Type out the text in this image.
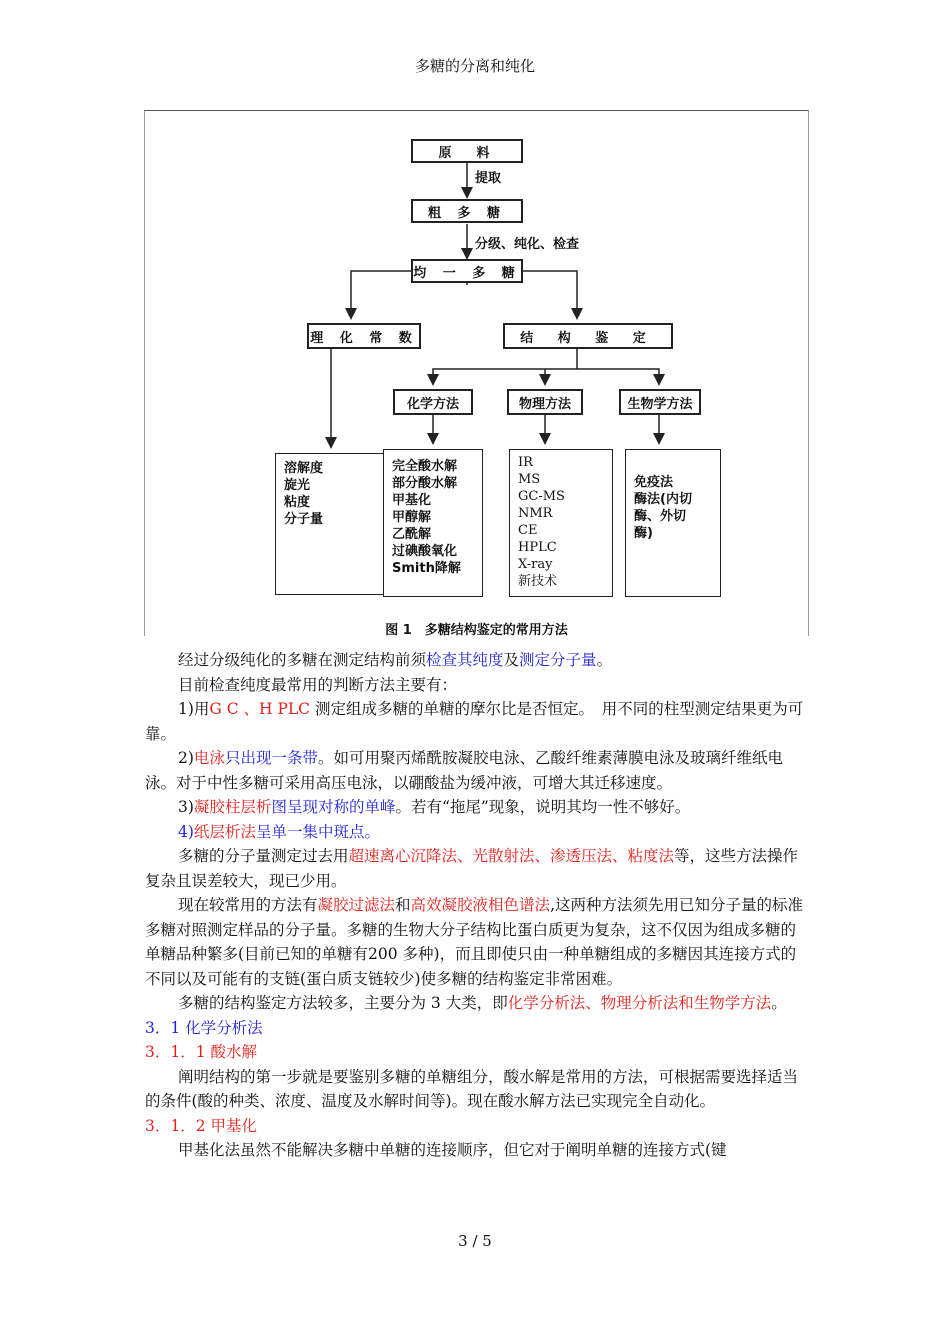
多糖的分离和纯化
原　料
提取
粗 多 糖
分级、纯化、检查
均 一 多 糖
理 化 常 数	结 构 鉴 定
化学方法	物理方法	生物学方法
溶解度
旋光
粘度
分子量
完全酸水解
部分酸水解
甲基化
甲醇解
乙酰解
过碘酸氧化
Smith降解
IR
MS
GC-MS
NMR
CE
HPLC
X-ray
新技术
免疫法
酶法(内切
酶、外切
酶)
图 1　多糖结构鉴定的常用方法

经过分级纯化的多糖在测定结构前须检查其纯度及测定分子量。

目前检查纯度最常用的判断方法主要有：

1)用G C 、H PLC 测定组成多糖的单糖的摩尔比是否恒定。　用不同的柱型测定结果更为可靠。

2)电泳只出现一条带。如可用聚丙烯酰胺凝胶电泳、乙酸纤维素薄膜电泳及玻璃纤维纸电泳。对于中性多糖可采用高压电泳，以硼酸盐为缓冲液，可增大其迁移速度。

3)凝胶柱层析图呈现对称的单峰。若有“拖尾”现象，说明其均一性不够好。

4)纸层析法呈单一集中斑点。

多糖的分子量测定过去用超速离心沉降法、光散射法、渗透压法、粘度法等，这些方法操作复杂且误差较大，现已少用。

现在较常用的方法有凝胶过滤法和高效凝胶液相色谱法,这两种方法须先用已知分子量的标准多糖对照测定样品的分子量。多糖的生物大分子结构比蛋白质更为复杂，这不仅因为组成多糖的单糖品种繁多(目前已知的单糖有200 多种)，而且即使只由一种单糖组成的多糖因其连接方式的不同以及可能有的支链(蛋白质支链较少)使多糖的结构鉴定非常困难。

多糖的结构鉴定方法较多，主要分为 3 大类，即化学分析法、物理分析法和生物学方法。

3．1 化学分析法

3．1．1 酸水解

阐明结构的第一步就是要鉴别多糖的单糖组分，酸水解是常用的方法，可根据需要选择适当的条件(酸的种类、浓度、温度及水解时间等)。现在酸水解方法已实现完全自动化。

3．1．2 甲基化

甲基化法虽然不能解决多糖中单糖的连接顺序，但它对于阐明单糖的连接方式(键

3 / 5
